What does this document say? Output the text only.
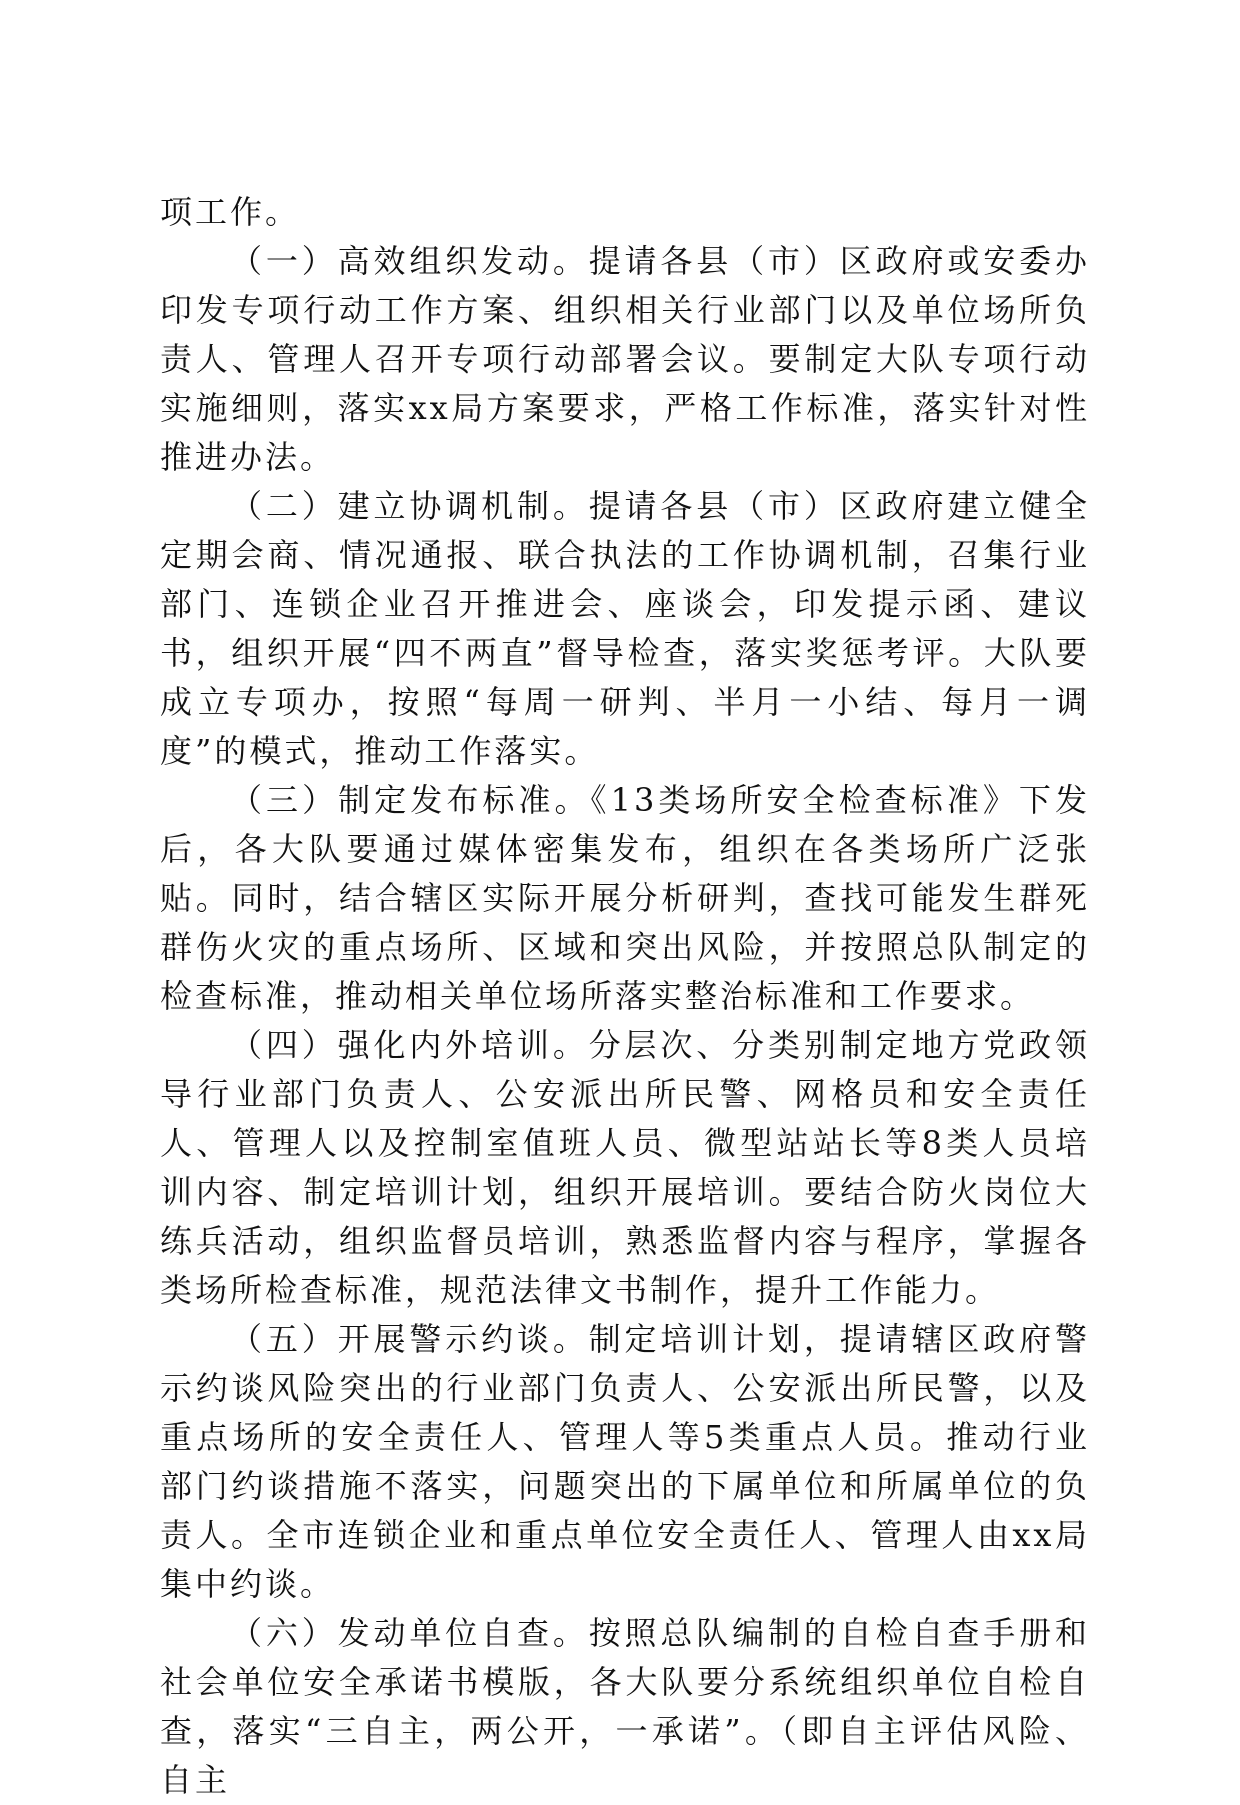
项工作。

（一）高效组织发动。提请各县（市）区政府或安委办印发专项行动工作方案、组织相关行业部门以及单位场所负责人、管理人召开专项行动部署会议。要制定大队专项行动实施细则，落实xx局方案要求，严格工作标准，落实针对性推进办法。

（二）建立协调机制。提请各县（市）区政府建立健全定期会商、情况通报、联合执法的工作协调机制，召集行业部门、连锁企业召开推进会、座谈会，印发提示函、建议书，组织开展“四不两直”督导检查，落实奖惩考评。大队要成立专项办，按照“每周一研判、半月一小结、每月一调度”的模式，推动工作落实。

（三）制定发布标准。《13类场所安全检查标准》下发后，各大队要通过媒体密集发布，组织在各类场所广泛张贴。同时，结合辖区实际开展分析研判，查找可能发生群死群伤火灾的重点场所、区域和突出风险，并按照总队制定的检查标准，推动相关单位场所落实整治标准和工作要求。

（四）强化内外培训。分层次、分类别制定地方党政领导行业部门负责人、公安派出所民警、网格员和安全责任人、管理人以及控制室值班人员、微型站站长等8类人员培训内容、制定培训计划，组织开展培训。要结合防火岗位大练兵活动，组织监督员培训，熟悉监督内容与程序，掌握各类场所检查标准，规范法律文书制作，提升工作能力。

（五）开展警示约谈。制定培训计划，提请辖区政府警示约谈风险突出的行业部门负责人、公安派出所民警，以及重点场所的安全责任人、管理人等5类重点人员。推动行业部门约谈措施不落实，问题突出的下属单位和所属单位的负责人。全市连锁企业和重点单位安全责任人、管理人由xx局集中约谈。

（六）发动单位自查。按照总队编制的自检自查手册和社会单位安全承诺书模版，各大队要分系统组织单位自检自查，落实“三自主，两公开，一承诺”。（即自主评估风险、自主
